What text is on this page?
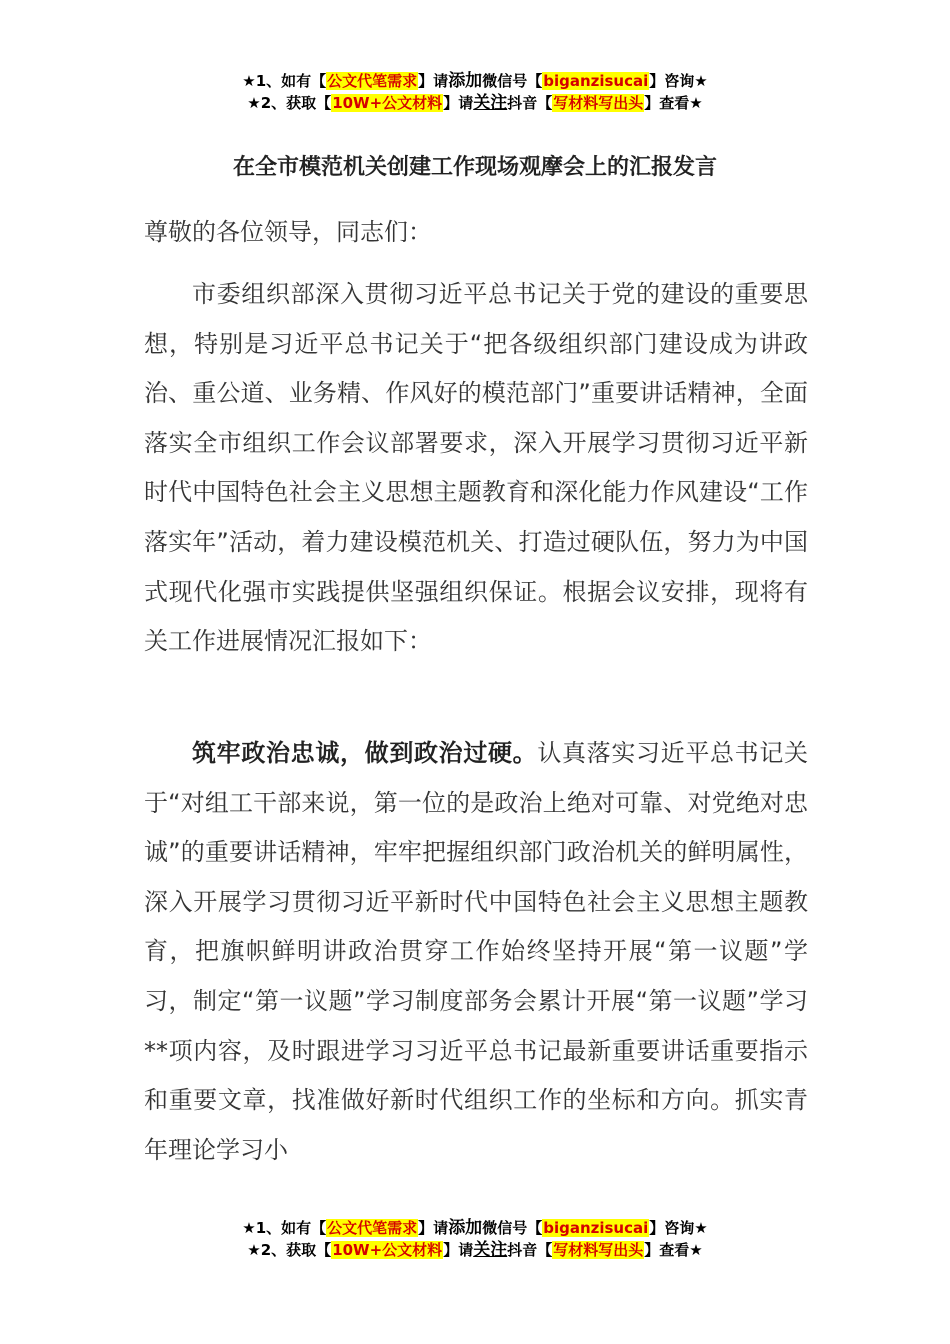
★1、如有【公文代笔需求】请添加微信号【biganzisucai】咨询★
★2、获取【10W+公文材料】请关注抖音【写材料写出头】查看★
在全市模范机关创建工作现场观摩会上的汇报发言

尊敬的各位领导，同志们：

市委组织部深入贯彻习近平总书记关于党的建设的重要思想，特别是习近平总书记关于“把各级组织部门建设成为讲政治、重公道、业务精、作风好的模范部门”重要讲话精神，全面落实全市组织工作会议部署要求，深入开展学习贯彻习近平新时代中国特色社会主义思想主题教育和深化能力作风建设“工作落实年”活动，着力建设模范机关、打造过硬队伍，努力为中国式现代化强市实践提供坚强组织保证。根据会议安排，现将有关工作进展情况汇报如下：

筑牢政治忠诚，做到政治过硬。认真落实习近平总书记关于“对组工干部来说，第一位的是政治上绝对可靠、对党绝对忠诚”的重要讲话精神，牢牢把握组织部门政治机关的鲜明属性，深入开展学习贯彻习近平新时代中国特色社会主义思想主题教育，把旗帜鲜明讲政治贯穿工作始终坚持开展“第一议题”学习，制定“第一议题”学习制度部务会累计开展“第一议题”学习**项内容，及时跟进学习习近平总书记最新重要讲话重要指示和重要文章，找准做好新时代组织工作的坐标和方向。抓实青年理论学习小

★1、如有【公文代笔需求】请添加微信号【biganzisucai】咨询★
★2、获取【10W+公文材料】请关注抖音【写材料写出头】查看★
